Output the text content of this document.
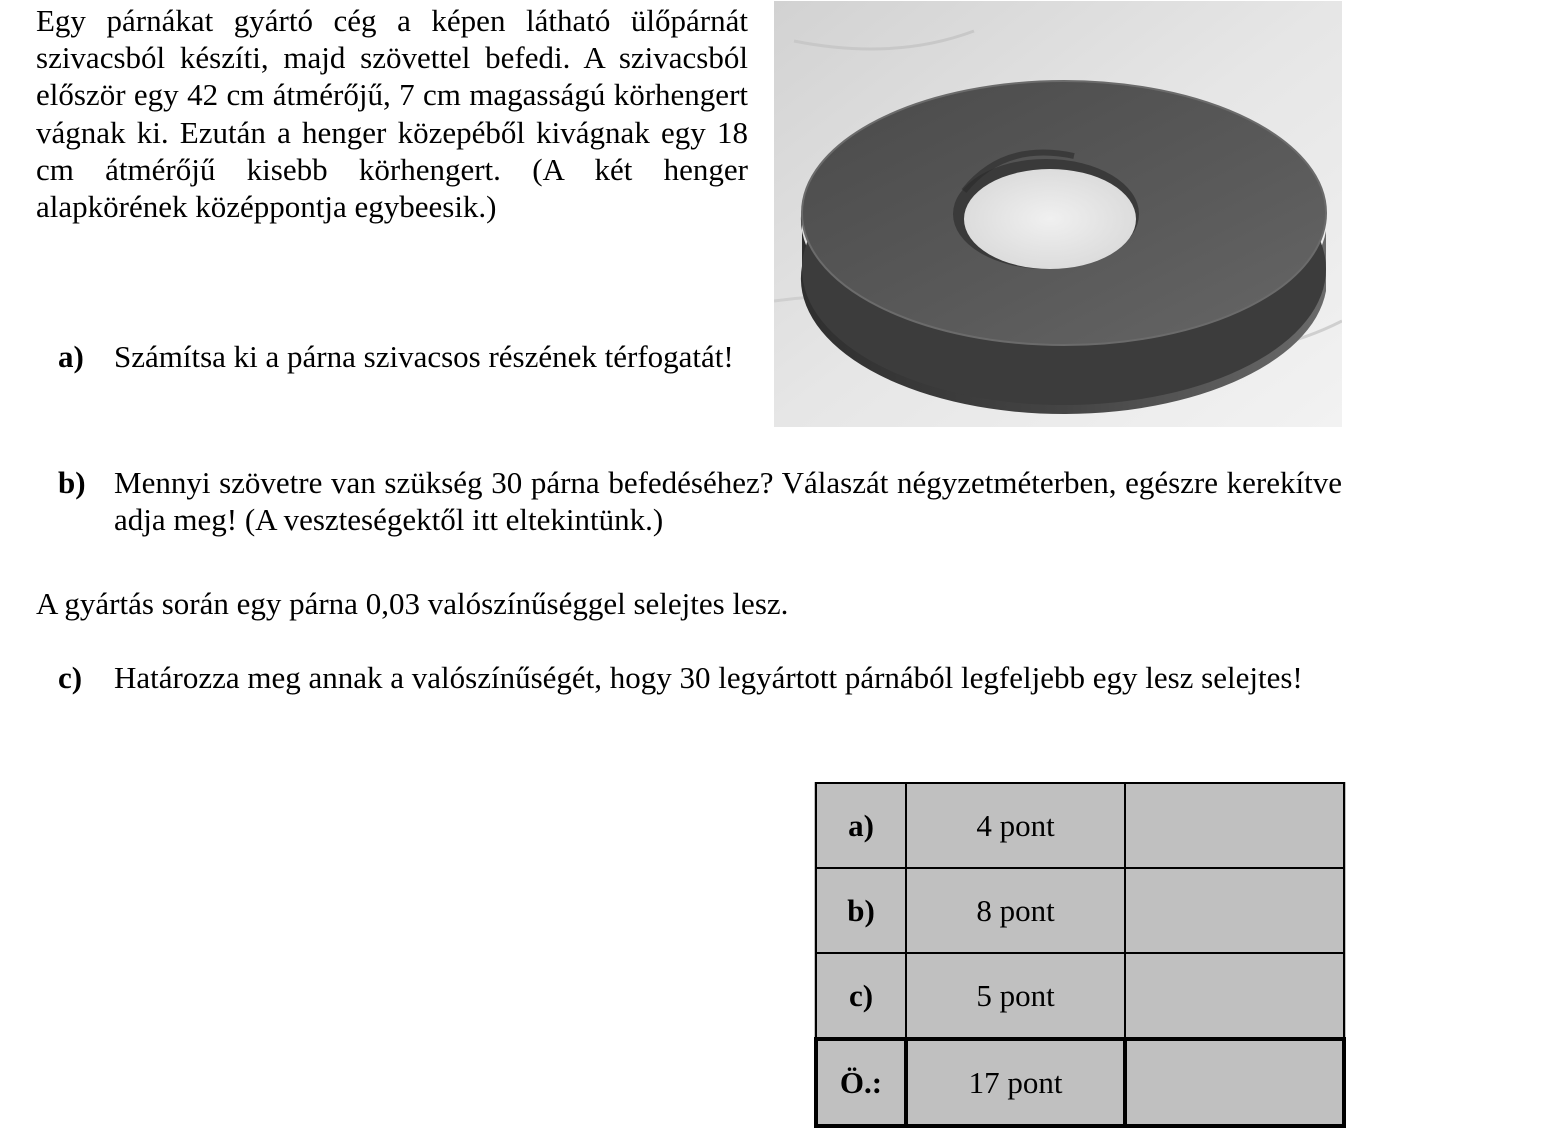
Egy párnákat gyártó cég a képen látható ülőpárnát szivacsból készíti, majd szövettel befedi. A szivacsból először egy 42 cm átmérőjű, 7 cm magasságú körhengert vágnak ki. Ezután a henger közepéből kivágnak egy 18 cm átmérőjű kisebb körhengert. (A két henger alapkörének középpontja egybeesik.)

a) Számítsa ki a párna szivacsos részének térfogatát!
b) Mennyi szövetre van szükség 30 párna befedéséhez? Válaszát négyzetméterben, egészre kerekítve adja meg! (A veszteségektől itt eltekintünk.)

A gyártás során egy párna 0,03 valószínűséggel selejtes lesz.

c) Határozza meg annak a valószínűségét, hogy 30 legyártott párnából legfeljebb egy lesz selejtes!
a)	4 pont	
b)	8 pont	
c)	5 pont	
Ö.:	17 pont	
